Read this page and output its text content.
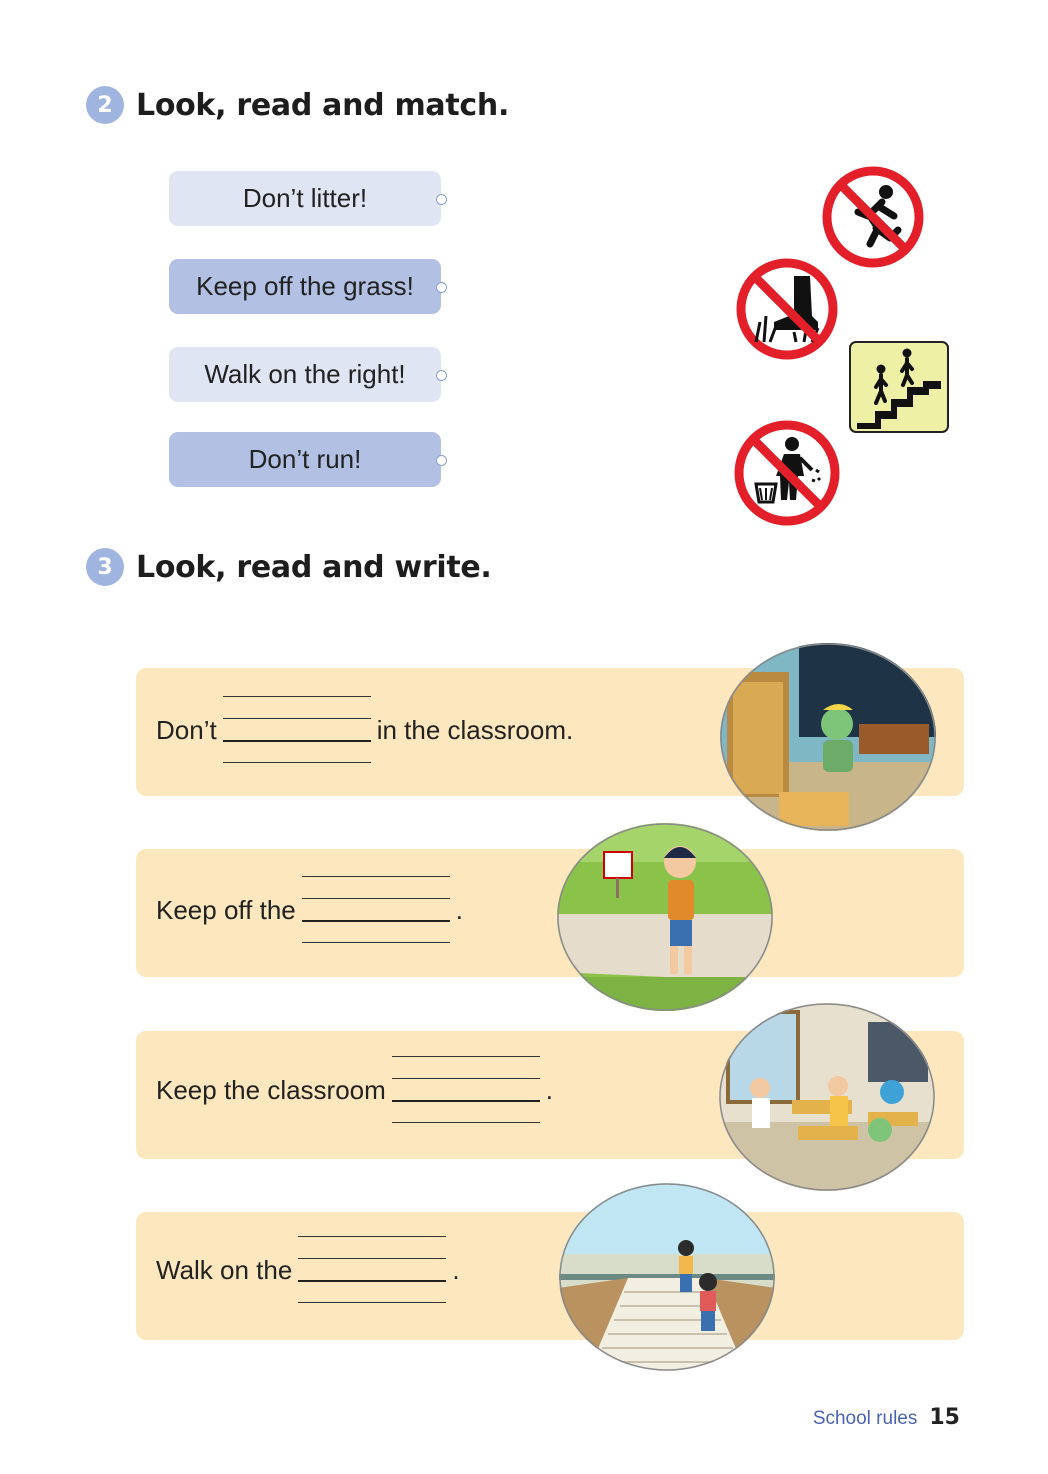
2 Look, read and match.
Don’t litter!
Keep off the grass!
Walk on the right!
Don’t run!
3 Look, read and write.
Don’t	in the classroom.
Keep off the	.
Keep the classroom	.
Walk on the	.
School rules 15
